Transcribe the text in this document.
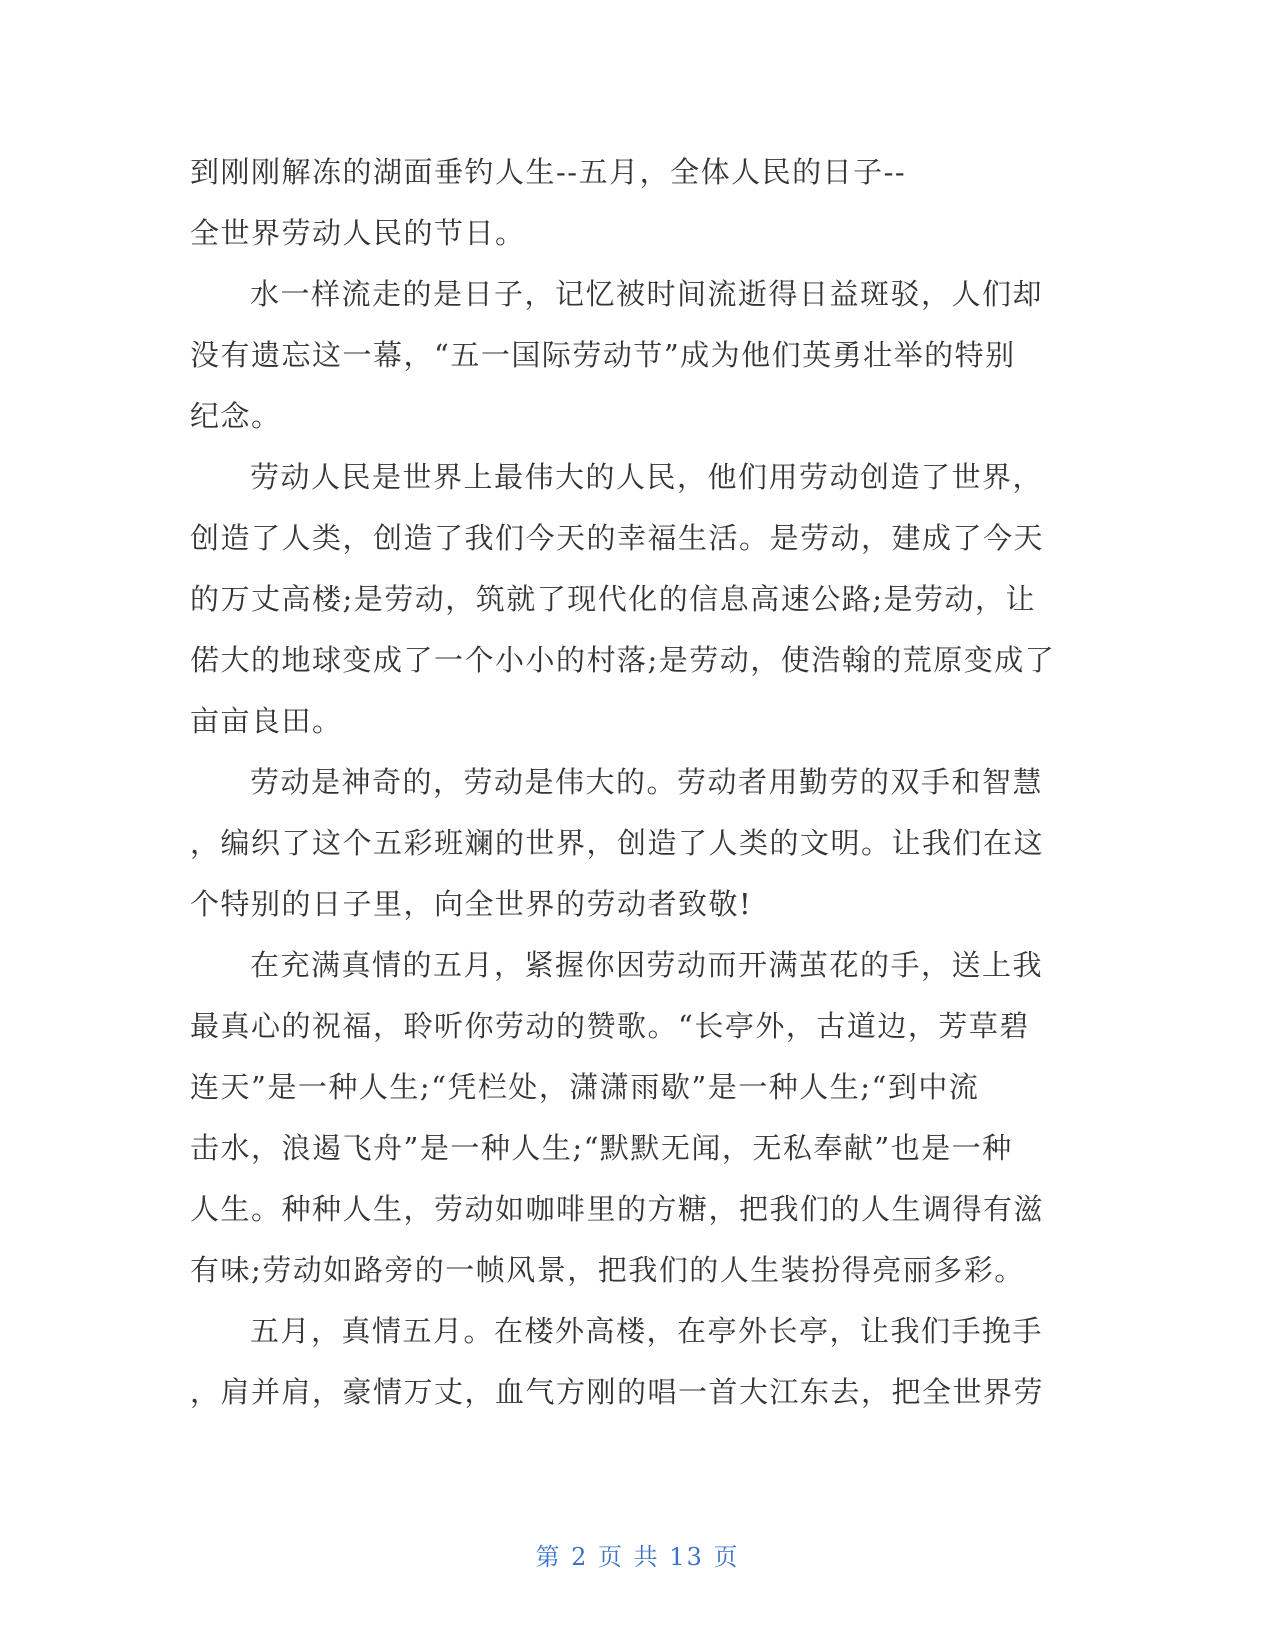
到刚刚解冻的湖面垂钓人生--五月，全体人民的日子--
全世界劳动人民的节日。
水一样流走的是日子，记忆被时间流逝得日益斑驳，人们却
没有遗忘这一幕，“五一国际劳动节”成为他们英勇壮举的特别
纪念。
劳动人民是世界上最伟大的人民，他们用劳动创造了世界，
创造了人类，创造了我们今天的幸福生活。是劳动，建成了今天
的万丈高楼;是劳动，筑就了现代化的信息高速公路;是劳动，让
偌大的地球变成了一个小小的村落;是劳动，使浩翰的荒原变成了
亩亩良田。
劳动是神奇的，劳动是伟大的。劳动者用勤劳的双手和智慧
，编织了这个五彩班斓的世界，创造了人类的文明。让我们在这
个特别的日子里，向全世界的劳动者致敬!
在充满真情的五月，紧握你因劳动而开满茧花的手，送上我
最真心的祝福，聆听你劳动的赞歌。“长亭外，古道边，芳草碧
连天”是一种人生;“凭栏处，潇潇雨歇”是一种人生;“到中流
击水，浪遏飞舟”是一种人生;“默默无闻，无私奉献”也是一种
人生。种种人生，劳动如咖啡里的方糖，把我们的人生调得有滋
有味;劳动如路旁的一帧风景，把我们的人生装扮得亮丽多彩。
五月，真情五月。在楼外高楼，在亭外长亭，让我们手挽手
，肩并肩，豪情万丈，血气方刚的唱一首大江东去，把全世界劳
第 2 页 共 13 页
